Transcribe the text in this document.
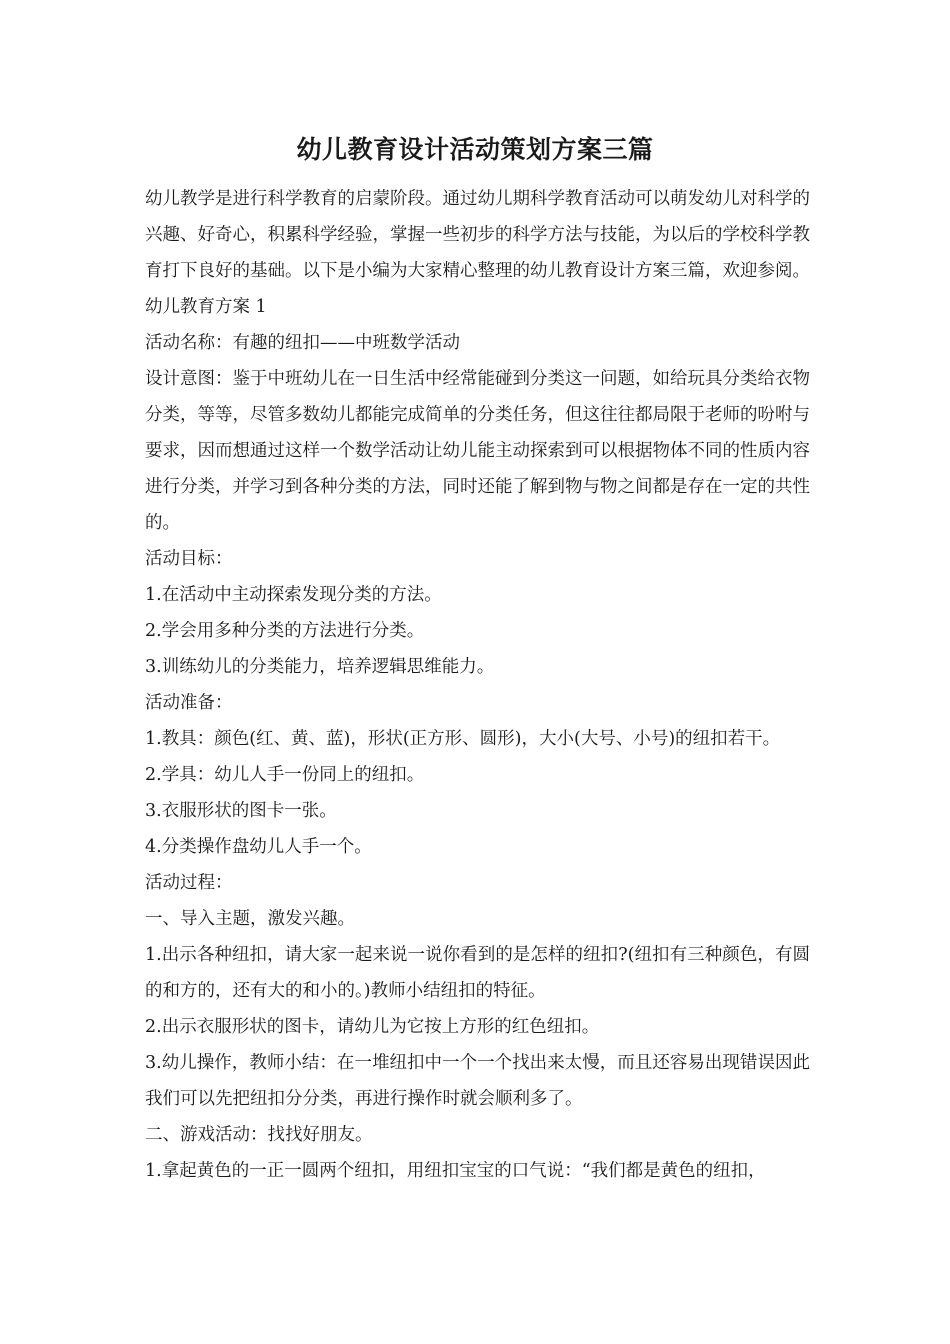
幼儿教育设计活动策划方案三篇

幼儿教学是进行科学教育的启蒙阶段。通过幼儿期科学教育活动可以萌发幼儿对科学的兴趣、好奇心，积累科学经验，掌握一些初步的科学方法与技能，为以后的学校科学教育打下良好的基础。以下是小编为大家精心整理的幼儿教育设计方案三篇，欢迎参阅。

幼儿教育方案 1

活动名称：有趣的纽扣——中班数学活动

设计意图：鉴于中班幼儿在一日生活中经常能碰到分类这一问题，如给玩具分类给衣物分类，等等，尽管多数幼儿都能完成简单的分类任务，但这往往都局限于老师的吩咐与要求，因而想通过这样一个数学活动让幼儿能主动探索到可以根据物体不同的性质内容进行分类，并学习到各种分类的方法，同时还能了解到物与物之间都是存在一定的共性的。

活动目标：

1.在活动中主动探索发现分类的方法。

2.学会用多种分类的方法进行分类。

3.训练幼儿的分类能力，培养逻辑思维能力。

活动准备：

1.教具：颜色(红、黄、蓝)，形状(正方形、圆形)，大小(大号、小号)的纽扣若干。

2.学具：幼儿人手一份同上的纽扣。

3.衣服形状的图卡一张。

4.分类操作盘幼儿人手一个。

活动过程：

一、导入主题，激发兴趣。

1.出示各种纽扣，请大家一起来说一说你看到的是怎样的纽扣?(纽扣有三种颜色，有圆的和方的，还有大的和小的。)教师小结纽扣的特征。

2.出示衣服形状的图卡，请幼儿为它按上方形的红色纽扣。

3.幼儿操作，教师小结：在一堆纽扣中一个一个找出来太慢，而且还容易出现错误因此我们可以先把纽扣分分类，再进行操作时就会顺利多了。

二、游戏活动：找找好朋友。

1.拿起黄色的一正一圆两个纽扣，用纽扣宝宝的口气说：“我们都是黄色的纽扣，
